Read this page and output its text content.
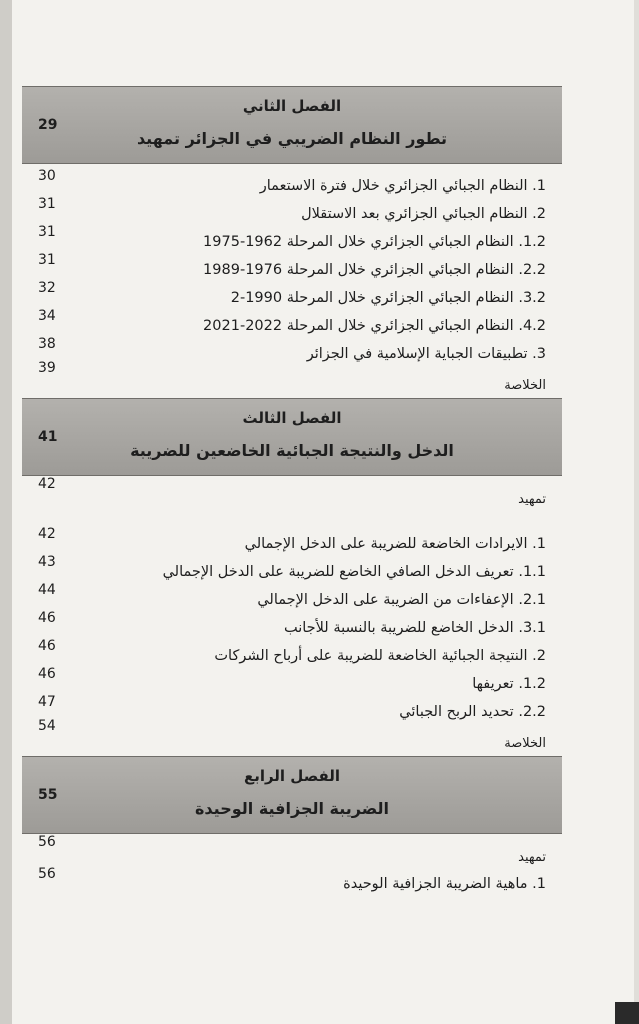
الفصل الثاني
تطور النظام الضريبي في الجزائر تمهيد
29
30
1. النظام الجبائي الجزائري خلال فترة الاستعمار
31
2. النظام الجبائي الجزائري بعد الاستقلال
31
1.2. النظام الجبائي الجزائري خلال المرحلة 1962-1975
31
2.2. النظام الجبائي الجزائري خلال المرحلة 1976-1989
32
3.2. النظام الجبائي الجزائري خلال المرحلة 1990-2
34
4.2. النظام الجبائي الجزائري خلال المرحلة 2022-2021
38
3. تطبيقات الجباية الإسلامية في الجزائر
39
الخلاصة
الفصل الثالث
الدخل والنتيجة الجبائية الخاضعين للضريبة
41
42
تمهيد
42
1. الايرادات الخاضعة للضريبة على الدخل الإجمالي
43
1.1. تعريف الدخل الصافي الخاضع للضريبة على الدخل الإجمالي
44
2.1. الإعفاءات من الضريبة على الدخل الإجمالي
46
3.1. الدخل الخاضع للضريبة بالنسبة للأجانب
46
2. النتيجة الجبائية الخاضعة للضريبة على أرباح الشركات
46
1.2. تعريفها
47
2.2. تحديد الربح الجبائي
54
الخلاصة
الفصل الرابع
الضريبة الجزافية الوحيدة
55
56
تمهيد
56
1. ماهية الضريبة الجزافية الوحيدة
